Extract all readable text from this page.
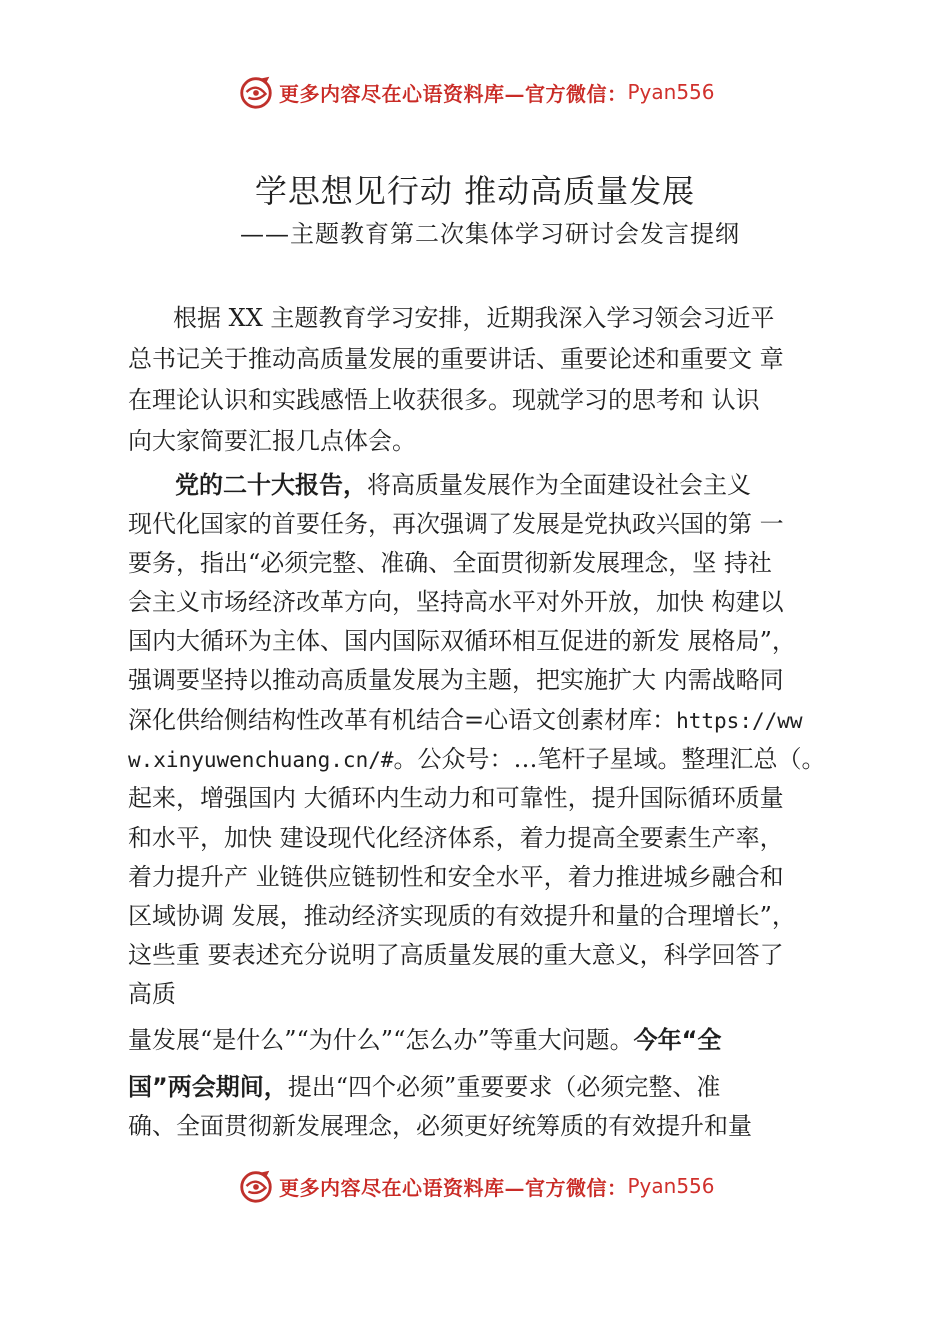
更多内容尽在心语资料库— 官方微信： Pyan556
学思想见行动 推动高质量发展
——主题教育第二次集体学习研讨会发言提纲
根据 XX 主题教育学习安排，近期我深入学习领会习近平
总书记关于推动高质量发展的重要讲话、重要论述和重要文 章
在理论认识和实践感悟上收获很多。现就学习的思考和 认识
向大家简要汇报几点体会。
党的二十大报告，将高质量发展作为全面建设社会主义
现代化国家的首要任务，再次强调了发展是党执政兴国的第 一
要务，指出“必须完整、准确、全面贯彻新发展理念，坚 持社
会主义市场经济改革方向，坚持高水平对外开放，加快 构建以
国内大循环为主体、国内国际双循环相互促进的新发 展格局”，
强调要坚持以推动高质量发展为主题，把实施扩大 内需战略同
深化供给侧结构性改革有机结合=心语文创素材库：https://ww
w.xinyuwenchuang.cn/#。公众号：…笔杆子星域。整理汇总（。
起来，增强国内 大循环内生动力和可靠性，提升国际循环质量
和水平，加快 建设现代化经济体系，着力提高全要素生产率，
着力提升产 业链供应链韧性和安全水平，着力推进城乡融合和
区域协调 发展，推动经济实现质的有效提升和量的合理增长”，
这些重 要表述充分说明了高质量发展的重大意义，科学回答了
高质
量发展“是什么”“为什么”“怎么办”等重大问题。今年“全
国”两会期间，提出“四个必须”重要要求（必须完整、准
确、全面贯彻新发展理念，必须更好统筹质的有效提升和量
更多内容尽在心语资料库— 官方微信： Pyan556
